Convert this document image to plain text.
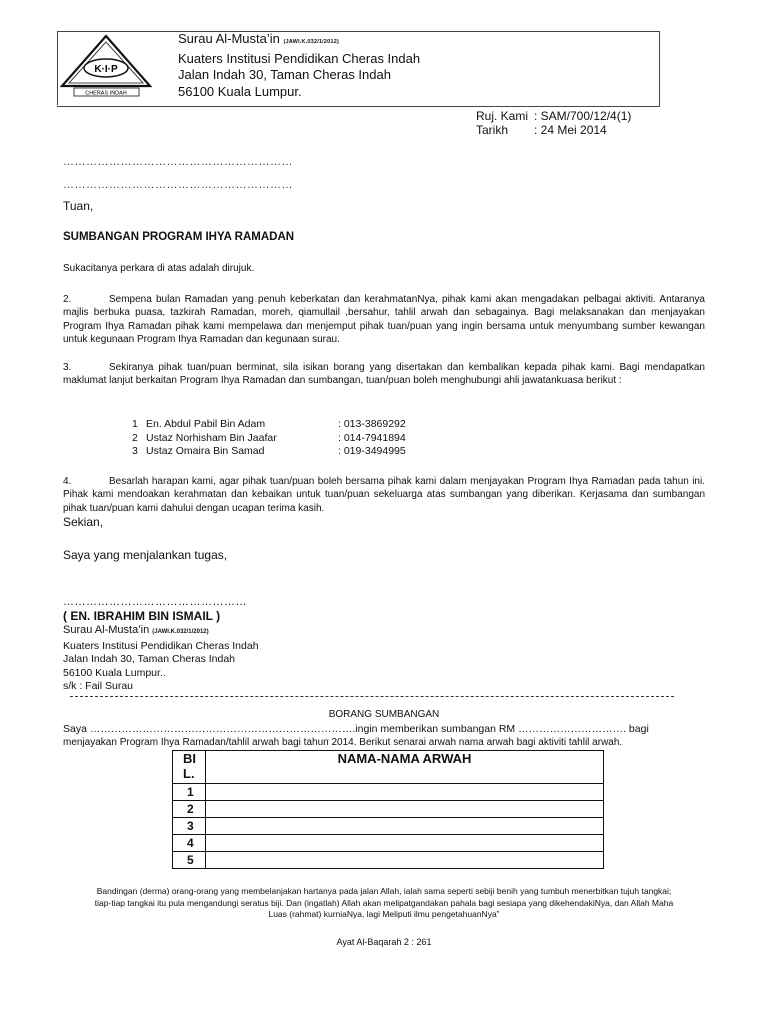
K·I·P
CHERAS INDAH
Surau Al-Musta’in (JAWI.K.032/1/2012)
Kuaters Institusi Pendidikan Cheras Indah
Jalan Indah 30, Taman Cheras Indah
56100 Kuala Lumpur.
Ruj. Kami : SAM/700/12/4(1)
Tarikh : 24 Mei 2014
……………………………………………………
……………………………………………………
Tuan,
SUMBANGAN PROGRAM IHYA RAMADAN
Sukacitanya perkara di atas adalah dirujuk.
2.	Sempena bulan Ramadan yang penuh keberkatan dan kerahmatanNya, pihak kami akan mengadakan pelbagai aktiviti. Antaranya majlis berbuka puasa, tazkirah Ramadan, moreh, qiamullail ,bersahur, tahlil arwah dan sebagainya. Bagi melaksanakan dan menjayakan Program Ihya Ramadan pihak kami mempelawa dan menjemput pihak tuan/puan yang ingin bersama untuk menyumbang sumber kewangan untuk kegunaan Program Ihya Ramadan dan kegunaan surau.
3.	Sekiranya pihak tuan/puan berminat, sila isikan borang yang disertakan dan kembalikan kepada pihak kami. Bagi mendapatkan maklumat lanjut berkaitan Program Ihya Ramadan dan sumbangan, tuan/puan boleh menghubungi ahli jawatankuasa berikut :
1 En. Abdul Pabil Bin Adam	: 013-3869292
2 Ustaz Norhisham Bin Jaafar	: 014-7941894
3 Ustaz Omaira Bin Samad	: 019-3494995
4.	Besarlah harapan kami, agar pihak tuan/puan boleh bersama pihak kami dalam menjayakan Program Ihya Ramadan pada tahun ini. Pihak kami mendoakan kerahmatan dan kebaikan untuk tuan/puan sekeluarga atas sumbangan yang diberikan. Kerjasama dan sumbangan pihak tuan/puan kami dahului dengan ucapan terima kasih.
Sekian,
Saya yang menjalankan tugas,
…………………………………………
( EN. IBRAHIM BIN ISMAIL )
Surau Al-Musta’in (JAWI.K.032/1/2012)
Kuaters Institusi Pendidikan Cheras Indah
Jalan Indah 30, Taman Cheras Indah
56100 Kuala Lumpur..
s/k : Fail Surau
BORANG SUMBANGAN
Saya ………………………………………………………………….ingin memberikan sumbangan RM …………………………. bagi
menjayakan Program Ihya Ramadan/tahlil arwah bagi tahun 2014. Berikut senarai arwah nama arwah bagi aktiviti tahlil arwah.
BI
L.	NAMA-NAMA ARWAH
1	
2	
3	
4	
5	
Bandingan (derma) orang-orang yang membelanjakan hartanya pada jalan Allah, ialah sama seperti sebiji benih yang tumbuh menerbitkan tujuh tangkai; tiap-tiap tangkai itu pula mengandungi seratus biji. Dan (ingatlah) Allah akan melipatgandakan pahala bagi sesiapa yang dikehendakiNya, dan Allah Maha Luas (rahmat) kurniaNya, lagi Meliputi ilmu pengetahuanNya”
Ayat Al-Baqarah 2 : 261
